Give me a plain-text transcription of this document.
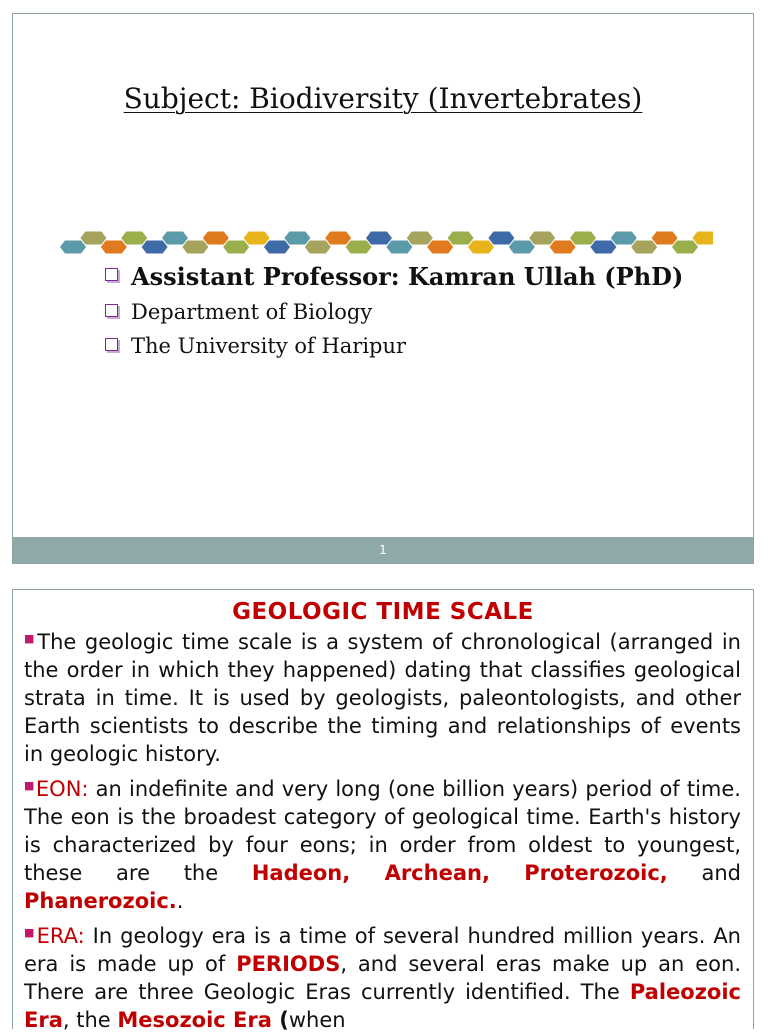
Subject: Biodiversity (Invertebrates)
Assistant Professor: Kamran Ullah (PhD)
Department of Biology
The University of Haripur
1
GEOLOGIC TIME SCALE

■The geologic time scale is a system of chronological (arranged in the order in which they happened) dating that classifies geological strata in time. It is used by geologists, paleontologists, and other Earth scientists to describe the timing and relationships of events in geologic history.

■EON: an indefinite and very long (one billion years) period of time. The eon is the broadest category of geological time. Earth's history is characterized by four eons; in order from oldest to youngest, these are the Hadeon, Archean, Proterozoic, and Phanerozoic..

■ERA: In geology era is a time of several hundred million years. An era is made up of PERIODS, and several eras make up an eon. There are three Geologic Eras currently identified. The Paleozoic Era, the Mesozoic Era (when
